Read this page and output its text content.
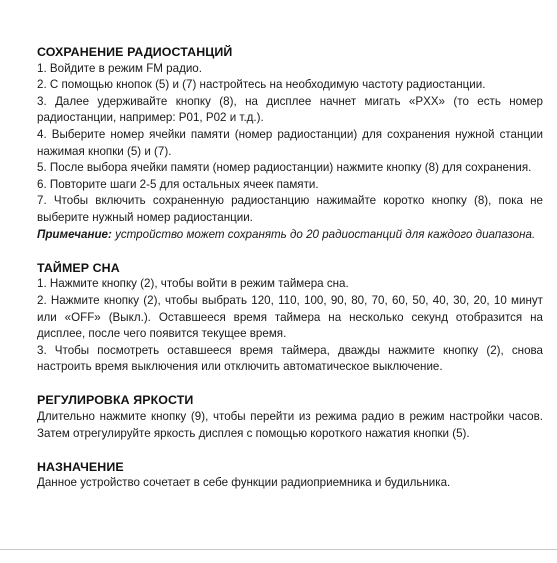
СОХРАНЕНИЕ РАДИОСТАНЦИЙ

1. Войдите в режим FM радио.

2. С помощью кнопок (5) и (7) настройтесь на необходимую частоту радиостанции.

3. Далее удерживайте кнопку (8), на дисплее начнет мигать «PXX» (то есть номер радиостанции, например: P01, P02 и т.д.).

4. Выберите номер ячейки памяти (номер радиостанции) для сохранения нужной станции нажимая кнопки (5) и (7).

5. После выбора ячейки памяти (номер радиостанции) нажмите кнопку (8) для сохранения.

6. Повторите шаги 2-5 для остальных ячеек памяти.

7. Чтобы включить сохраненную радиостанцию нажимайте коротко кнопку (8), пока не выберите нужный номер радиостанции.

Примечание: устройство может сохранять до 20 радиостанций для каждого диапазона.

ТАЙМЕР СНА

1. Нажмите кнопку (2), чтобы войти в режим таймера сна.

2. Нажмите кнопку (2), чтобы выбрать 120, 110, 100, 90, 80, 70, 60, 50, 40, 30, 20, 10 минут или «OFF» (Выкл.). Оставшееся время таймера на несколько секунд отобразится на дисплее, после чего появится текущее время.

3. Чтобы посмотреть оставшееся время таймера, дважды нажмите кнопку (2), снова настроить время выключения или отключить автоматическое выключение.

РЕГУЛИРОВКА ЯРКОСТИ

Длительно нажмите кнопку (9), чтобы перейти из режима радио в режим настройки часов. Затем отрегулируйте яркость дисплея с помощью короткого нажатия кнопки (5).

НАЗНАЧЕНИЕ

Данное устройство сочетает в себе функции радиоприемника и будильника.
